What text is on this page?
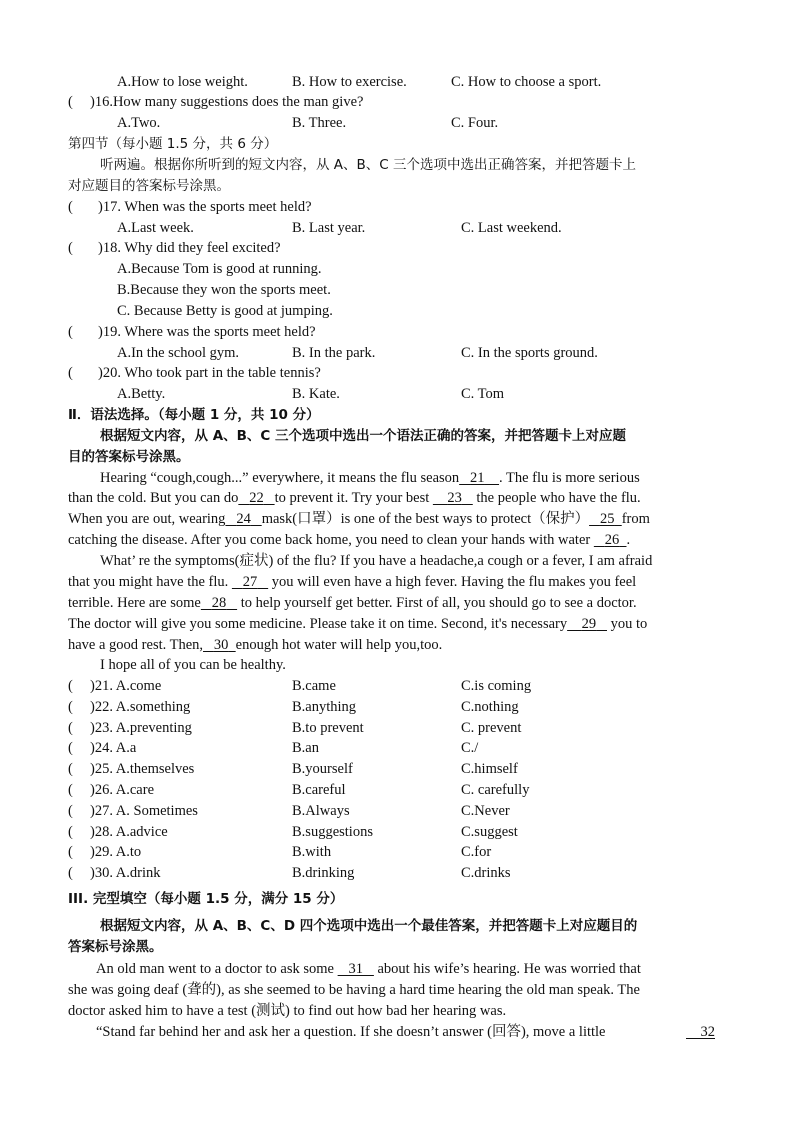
A.How to lose weight.	B. How to exercise.	C. How to choose a sport.
( )16.How many suggestions does the man give?
A.Two.	B. Three.	C. Four.
第四节（每小题 1.5 分，共 6 分）
听两遍。根据你所听到的短文内容，从 A、B、C 三个选项中选出正确答案，并把答题卡上
对应题目的答案标号涂黑。
( )17. When was the sports meet held?
A.Last week.	B. Last year.	C. Last weekend.
( )18. Why did they feel excited?
A.Because Tom is good at running.
B.Because they won the sports meet.
C. Because Betty is good at jumping.
( )19. Where was the sports meet held?
A.In the school gym.	B. In the park.	C. In the sports ground.
( )20. Who took part in the table tennis?
A.Betty.	B. Kate.	C. Tom
Ⅱ．语法选择。（每小题 1 分，共 10 分）
根据短文内容，从 A、B、C 三个选项中选出一个语法正确的答案，并把答题卡上对应题
目的答案标号涂黑。
Hearing “cough,cough...” everywhere, it means the flu season 21 . The flu is more serious
than the cold. But you can do 22 to prevent it. Try your best 23 the people who have the flu.
When you are out, wearing 24 mask(口罩）is one of the best ways to protect（保护） 25 from
catching the disease. After you come back home, you need to clean your hands with water 26 .
What’ re the symptoms(症状) of the flu? If you have a headache,a cough or a fever, I am afraid
that you might have the flu. 27 you will even have a high fever. Having the flu makes you feel
terrible. Here are some 28 to help yourself get better. First of all, you should go to see a doctor.
The doctor will give you some medicine. Please take it on time. Second, it's necessary 29 you to
have a good rest. Then, 30 enough hot water will help you,too.
I hope all of you can be healthy.
( )21. A.come	B.came	C.is coming
( )22. A.something	B.anything	C.nothing
( )23. A.preventing	B.to prevent	C. prevent
( )24. A.a	B.an	C./
( )25. A.themselves	B.yourself	C.himself
( )26. A.care	B.careful	C. carefully
( )27. A. Sometimes	B.Always	C.Never
( )28. A.advice	B.suggestions	C.suggest
( )29. A.to	B.with	C.for
( )30. A.drink	B.drinking	C.drinks
III. 完型填空（每小题 1.5 分，满分 15 分）
根据短文内容，从 A、B、C、D 四个选项中选出一个最佳答案，并把答题卡上对应题目的
答案标号涂黑。
An old man went to a doctor to ask some 31 about his wife’s hearing. He was worried that
she was going deaf (聋的), as she seemed to be having a hard time hearing the old man speak. The
doctor asked him to have a test (测试) to find out how bad her hearing was.
“Stand far behind her and ask her a question. If she doesn’t answer (回答), move a little	32
